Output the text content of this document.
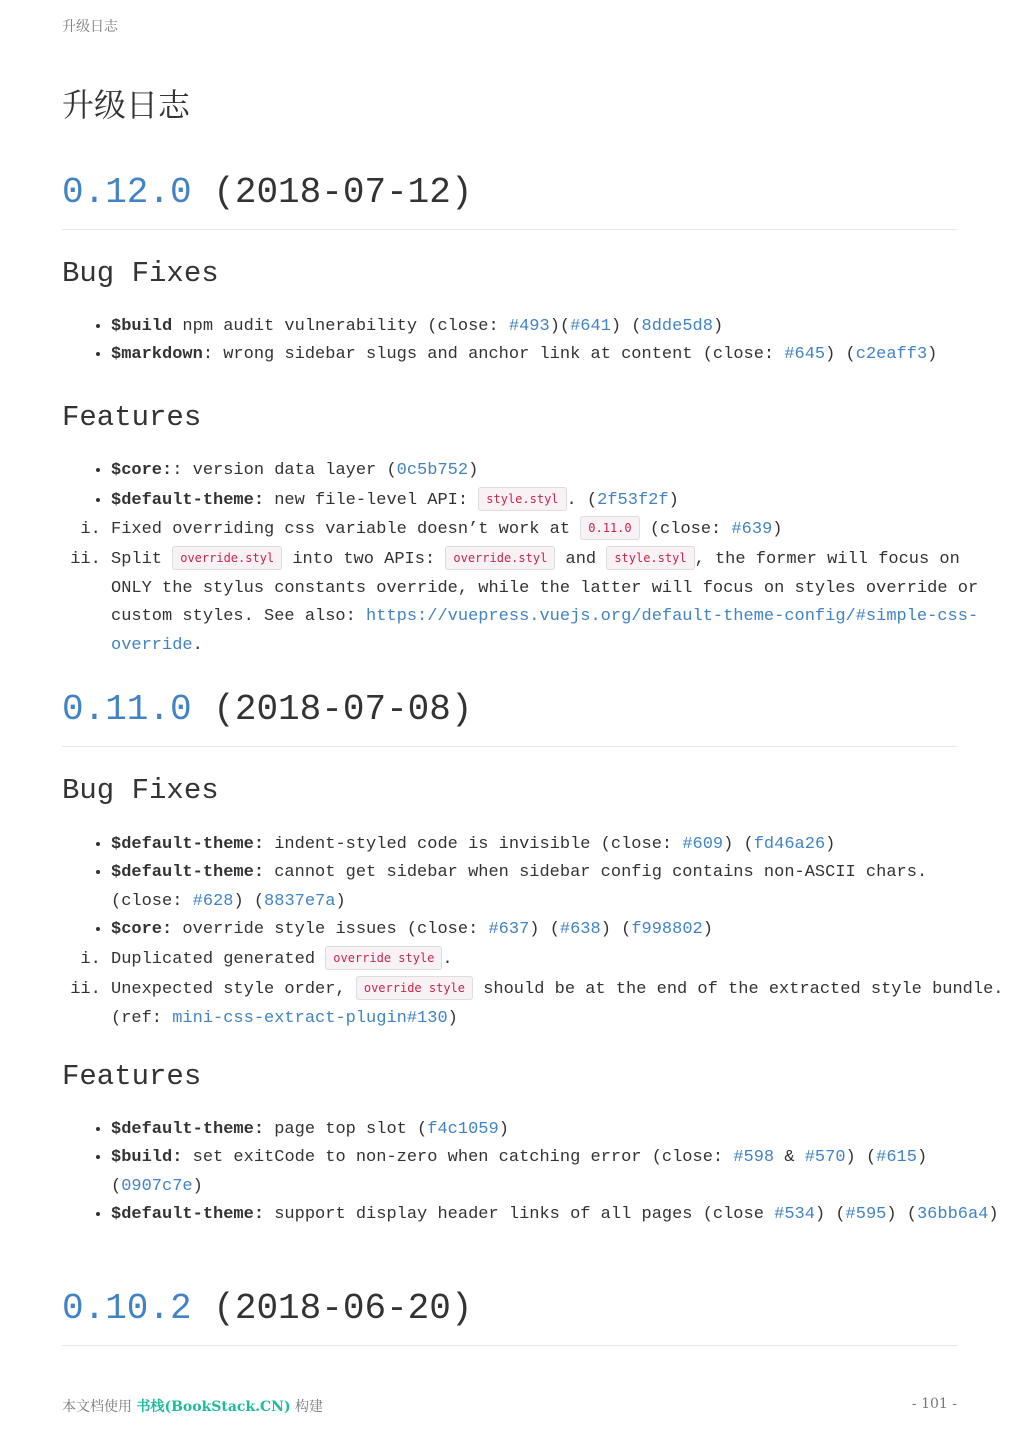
升级日志
升级日志
0.12.0 (2018-07-12)
Bug Fixes
• $build npm audit vulnerability (close: #493)(#641) (8dde5d8)
• $markdown: wrong sidebar slugs and anchor link at content (close: #645) (c2eaff3)
Features
• $core:: version data layer (0c5b752)
• $default-theme: new file-level API: style.styl . (2f53f2f)
i. Fixed overriding css variable doesn’t work at 0.11.0 (close: #639)
ii. Split override.styl into two APIs: override.styl and style.styl , the former will focus on ONLY the stylus constants override, while the latter will focus on styles override or custom styles. See also: https://vuepress.vuejs.org/default-theme-config/#simple-css-override.
0.11.0 (2018-07-08)
Bug Fixes
• $default-theme: indent-styled code is invisible (close: #609) (fd46a26)
• $default-theme: cannot get sidebar when sidebar config contains non-ASCII chars. (close: #628) (8837e7a)
• $core: override style issues (close: #637) (#638) (f998802)
i. Duplicated generated override style .
ii. Unexpected style order, override style should be at the end of the extracted style bundle. (ref: mini-css-extract-plugin#130)
Features
• $default-theme: page top slot (f4c1059)
• $build: set exitCode to non-zero when catching error (close: #598 & #570) (#615) (0907c7e)
• $default-theme: support display header links of all pages (close #534) (#595) (36bb6a4)
0.10.2 (2018-06-20)
本文档使用 书栈(BookStack.CN) 构建	- 101 -
